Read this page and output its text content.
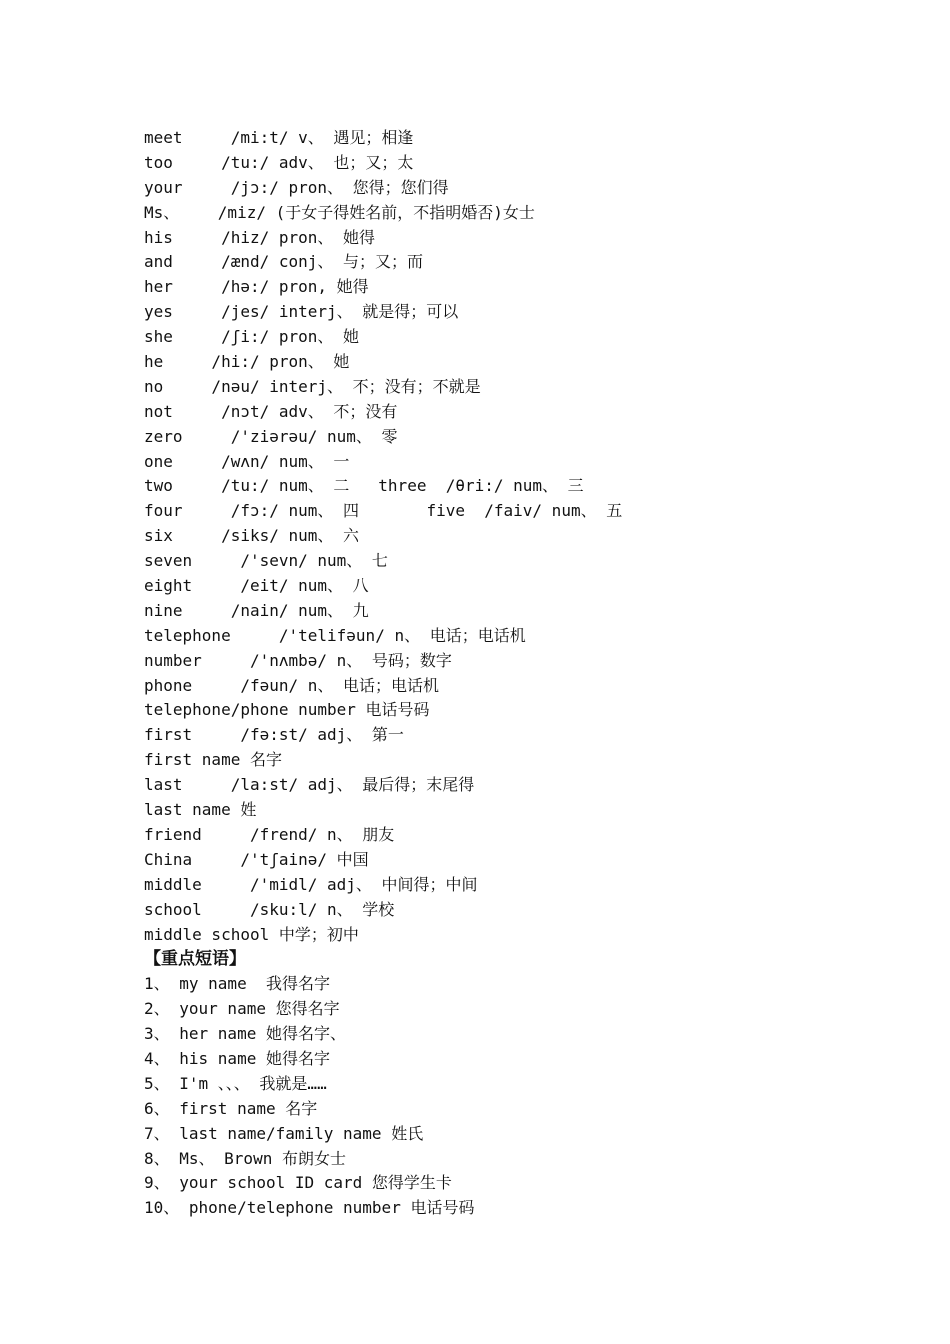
meet     /mi:t/ v、 遇见；相逢
too     /tu:/ adv、 也；又；太
your     /jɔ:/ pron、 您得；您们得
Ms、    /miz/ (于女子得姓名前，不指明婚否)女士
his     /hiz/ pron、 她得
and     /ænd/ conj、 与；又；而
her     /hə:/ pron, 她得
yes     /jes/ interj、 就是得；可以
she     /ʃi:/ pron、 她
he     /hi:/ pron、 她
no     /nəu/ interj、 不；没有；不就是
not     /nɔt/ adv、 不；没有
zero     /'ziərəu/ num、 零
one     /wʌn/ num、 一
two     /tu:/ num、 二   three  /θri:/ num、 三
four     /fɔ:/ num、 四       five  /faiv/ num、 五
six     /siks/ num、 六
seven     /'sevn/ num、 七
eight     /eit/ num、 八
nine     /nain/ num、 九
telephone     /'telifəun/ n、 电话；电话机
number     /'nʌmbə/ n、 号码；数字
phone     /fəun/ n、 电话；电话机
telephone/phone number 电话号码
first     /fə:st/ adj、 第一
first name 名字
last     /la:st/ adj、 最后得；末尾得
last name 姓
friend     /frend/ n、 朋友
China     /'tʃainə/ 中国
middle     /'midl/ adj、 中间得；中间
school     /sku:l/ n、 学校
middle school 中学；初中
【重点短语】
1、 my name  我得名字
2、 your name 您得名字
3、 her name 她得名字、
4、 his name 她得名字
5、 I'm 、、、 我就是……
6、 first name 名字
7、 last name/family name 姓氏
8、 Ms、 Brown 布朗女士
9、 your school ID card 您得学生卡
10、 phone/telephone number 电话号码
